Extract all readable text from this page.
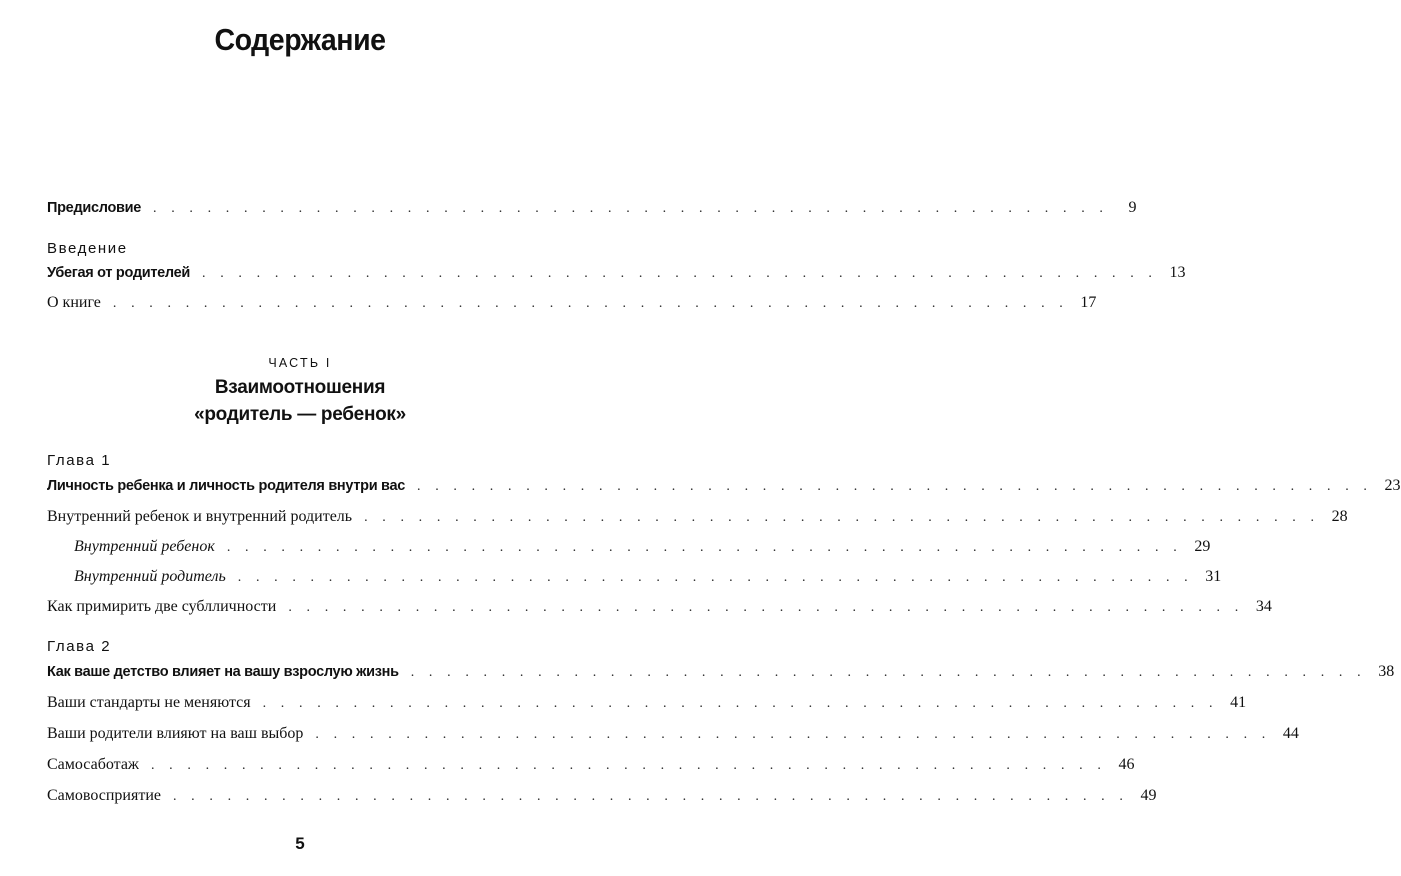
Содержание
Предисловие . . . . . . . . . . . . . . . . . . . . . . . . . . . . . . . . . . . . . . . . . . . . . . . . . . . . .	9
Введение
Убегая от родителей . . . . . . . . . . . . . . . . . . . . . . . . . . . . . . . . . . . . . . . . . . . . . . . . . . . . . 13
О книге . . . . . . . . . . . . . . . . . . . . . . . . . . . . . . . . . . . . . . . . . . . . . . . . . . . . . 17
ЧАСТЬ I
Взаимоотношения
«родитель — ребенок»
Глава 1
Личность ребенка и личность родителя внутри вас . . . . . . . . . . . . . . . . . . . . . . . . . . . . . . . . . . . . . . . . . . . . . . . . . . . . . 23
Внутренний ребенок и внутренний родитель . . . . . . . . . . . . . . . . . . . . . . . . . . . . . . . . . . . . . . . . . . . . . . . . . . . . . 28
Внутренний ребенок . . . . . . . . . . . . . . . . . . . . . . . . . . . . . . . . . . . . . . . . . . . . . . . . . . . . . 29
Внутренний родитель . . . . . . . . . . . . . . . . . . . . . . . . . . . . . . . . . . . . . . . . . . . . . . . . . . . . . 31
Как примирить две сублличности . . . . . . . . . . . . . . . . . . . . . . . . . . . . . . . . . . . . . . . . . . . . . . . . . . . . . 34
Глава 2
Как ваше детство влияет на вашу взрослую жизнь . . . . . . . . . . . . . . . . . . . . . . . . . . . . . . . . . . . . . . . . . . . . . . . . . . . . . 38
Ваши стандарты не меняются . . . . . . . . . . . . . . . . . . . . . . . . . . . . . . . . . . . . . . . . . . . . . . . . . . . . . 41
Ваши родители влияют на ваш выбор . . . . . . . . . . . . . . . . . . . . . . . . . . . . . . . . . . . . . . . . . . . . . . . . . . . . . 44
Самосаботаж . . . . . . . . . . . . . . . . . . . . . . . . . . . . . . . . . . . . . . . . . . . . . . . . . . . . . 46
Самовосприятие . . . . . . . . . . . . . . . . . . . . . . . . . . . . . . . . . . . . . . . . . . . . . . . . . . . . . 49
5
